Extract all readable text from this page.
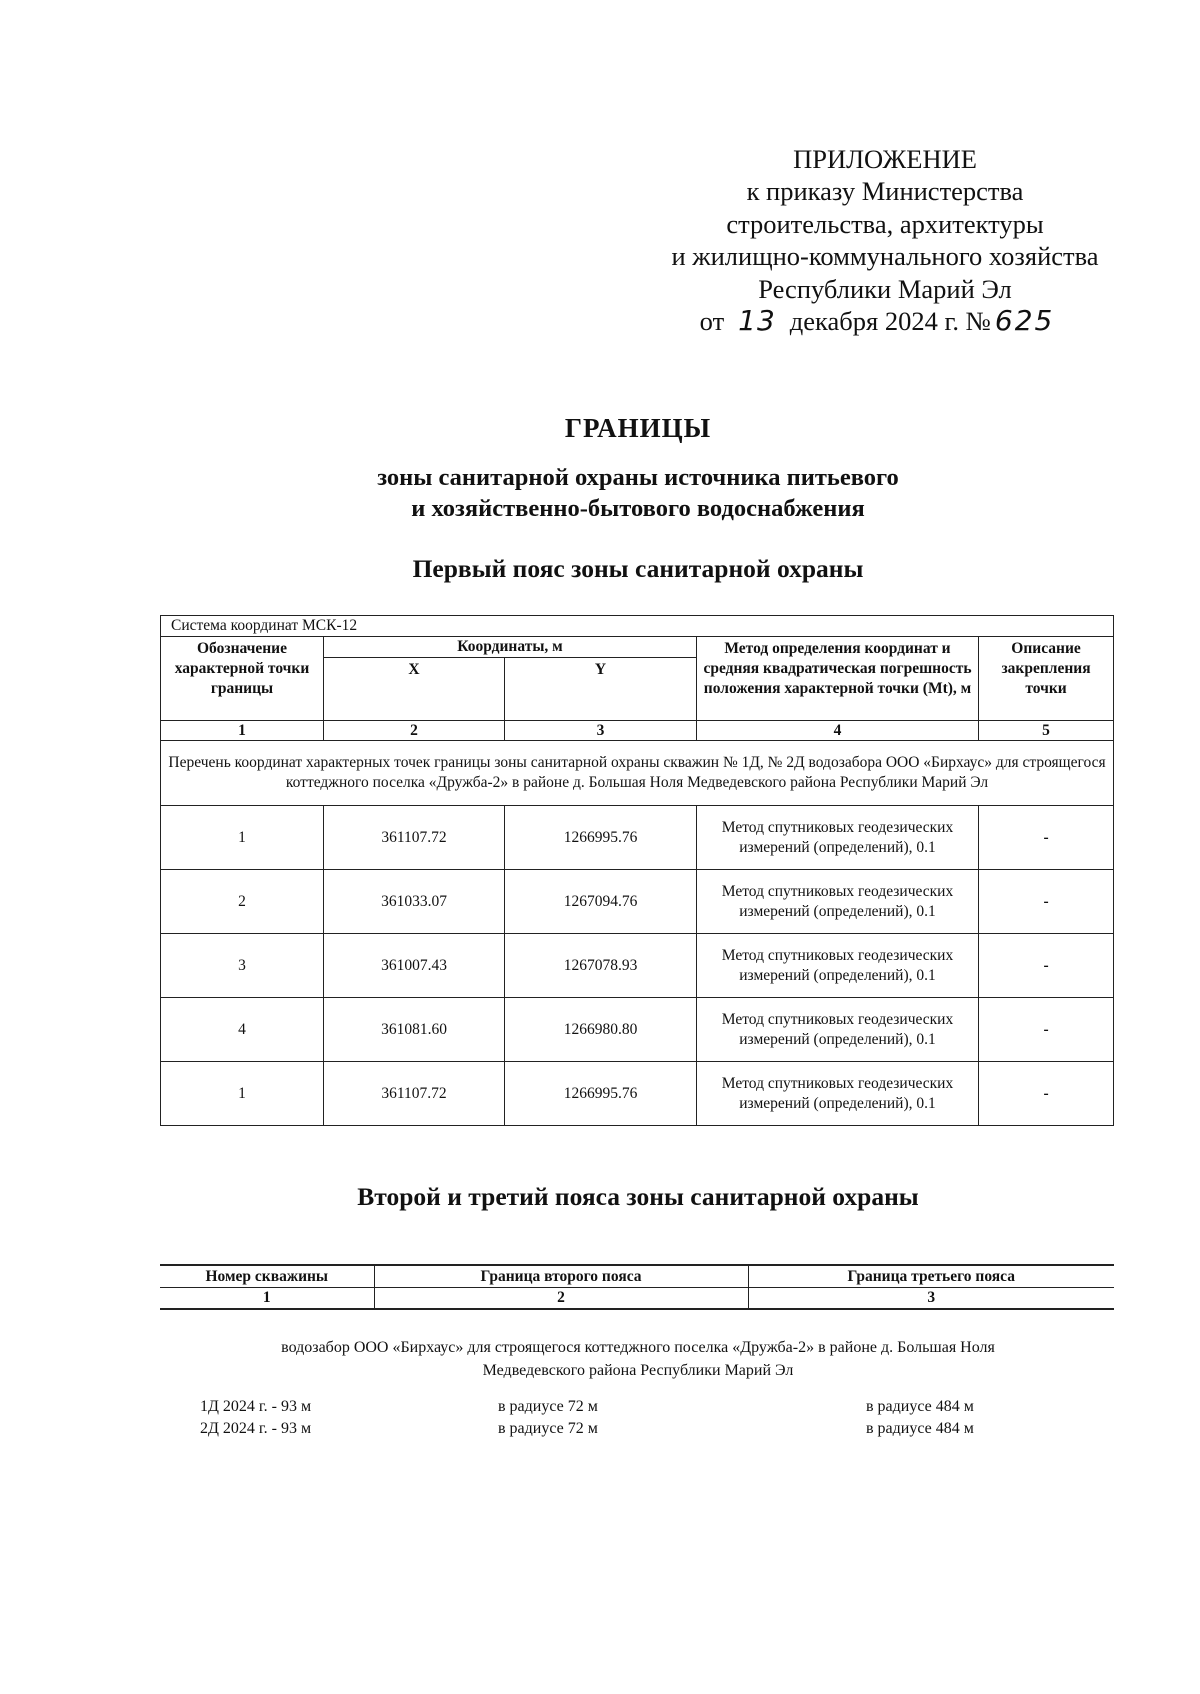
ПРИЛОЖЕНИЕ
к приказу Министерства
строительства, архитектуры
и жилищно-коммунального хозяйства
Республики Марий Эл
от 13 декабря 2024 г. № 625
ГРАНИЦЫ
зоны санитарной охраны источника питьевого
и хозяйственно-бытового водоснабжения
Первый пояс зоны санитарной охраны
Система координат МСК-12				
Обозначение характерной точки границы	Координаты, м		Метод определения координат и средняя квадратическая погрешность положения характерной точки (Mt), м	Описание закрепления точки
	X	Y		
1	2	3	4	5
Перечень координат характерных точек границы зоны санитарной охраны скважин № 1Д, № 2Д водозабора ООО «Бирхаус» для строящегося коттеджного поселка «Дружба-2» в районе д. Большая Ноля Медведевского района Республики Марий Эл				
1	361107.72	1266995.76	Метод спутниковых геодезических измерений (определений), 0.1	-
2	361033.07	1267094.76	Метод спутниковых геодезических измерений (определений), 0.1	-
3	361007.43	1267078.93	Метод спутниковых геодезических измерений (определений), 0.1	-
4	361081.60	1266980.80	Метод спутниковых геодезических измерений (определений), 0.1	-
1	361107.72	1266995.76	Метод спутниковых геодезических измерений (определений), 0.1	-
Второй и третий пояса зоны санитарной охраны
Номер скважины	Граница второго пояса	Граница третьего пояса
1	2	3
водозабор ООО «Бирхаус» для строящегося коттеджного поселка «Дружба-2» в районе д. Большая Ноля
Медведевского района Республики Марий Эл
1Д 2024 г. - 93 м	в радиусе 72 м	в радиусе 484 м
2Д 2024 г. - 93 м	в радиусе 72 м	в радиусе 484 м
